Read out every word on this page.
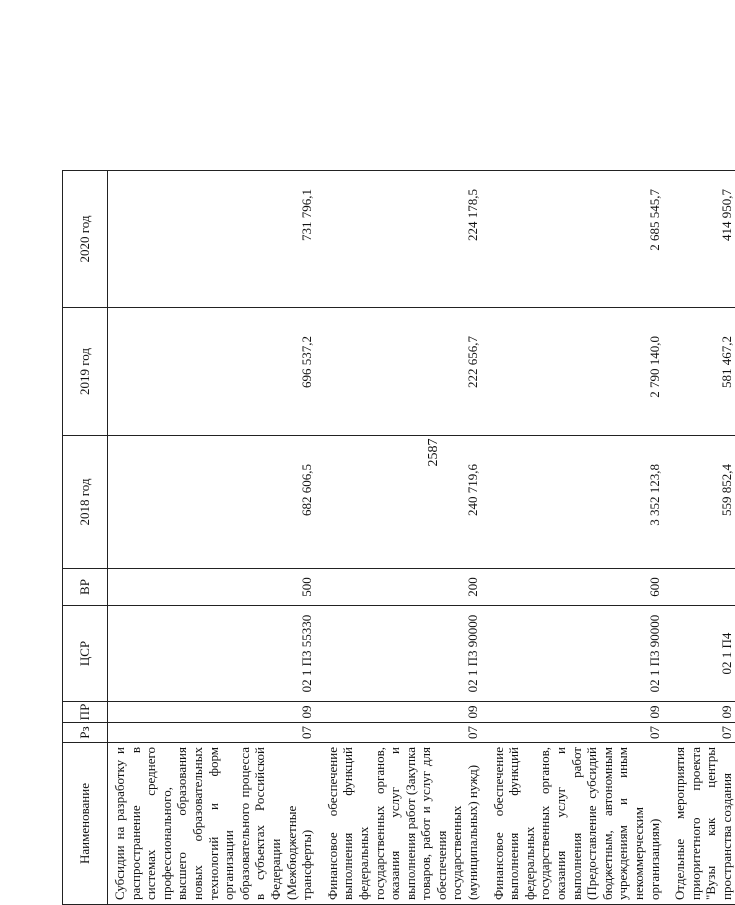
2587
Наименование	Рз	ПР	ЦСР	ВР	2018 год	2019 год	2020 год
Субсидии на разработку и распространение в системах среднего профессионального, высшего образования новых образовательных технологий и форм организации образовательного процесса в субъектах Российской Федерации (Межбюджетные трансферты)	07	09	02 1 П3 55330	500	682 606,5	696 537,2	731 796,1
Финансовое обеспечение выполнения функций федеральных государственных органов, оказания услуг и выполнения работ (Закупка товаров, работ и услуг для обеспечения государственных (муниципальных) нужд)	07	09	02 1 П3 90000	200	240 719,6	222 656,7	224 178,5
Финансовое обеспечение выполнения функций федеральных государственных органов, оказания услуг и выполнения работ (Предоставление субсидий бюджетным, автономным учреждениям и иным некоммерческим организациям)	07	09	02 1 П3 90000	600	3 352 123,8	2 790 140,0	2 685 545,7
Отдельные мероприятия приоритетного проекта "Вузы как центры пространства создания	07	09	02 1 П4		559 852,4	581 467,2	414 950,7
